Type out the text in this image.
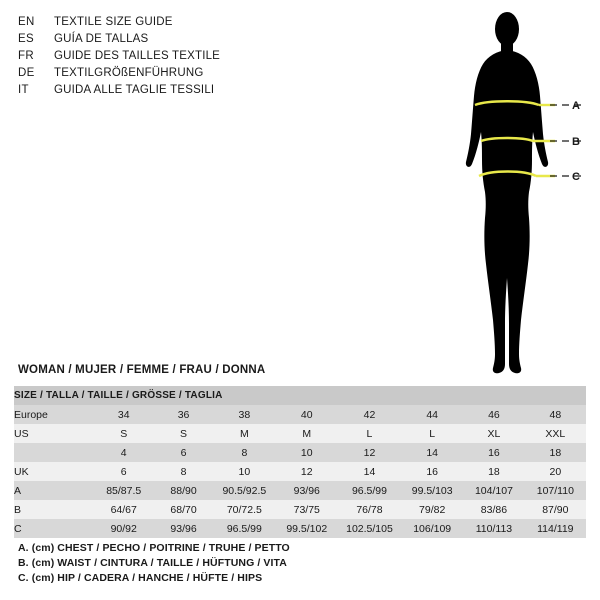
EN	TEXTILE SIZE GUIDE
ES	GUÍA DE TALLAS
FR	GUIDE DES TAILLES TEXTILE
DE	TEXTILGRÖßENFÜHRUNG
IT	GUIDA ALLE TAGLIE TESSILI
A
B
C
WOMAN / MUJER / FEMME / FRAU / DONNA
SIZE / TALLA / TAILLE / GRÖSSE / TAGLIA								
Europe	34	36	38	40	42	44	46	48
US	S	S	M	M	L	L	XL	XXL
	4	6	8	10	12	14	16	18
UK	6	8	10	12	14	16	18	20
A	85/87.5	88/90	90.5/92.5	93/96	96.5/99	99.5/103	104/107	107/110
B	64/67	68/70	70/72.5	73/75	76/78	79/82	83/86	87/90
C	90/92	93/96	96.5/99	99.5/102	102.5/105	106/109	110/113	114/119
A. (cm) CHEST / PECHO / POITRINE / TRUHE / PETTO
B. (cm) WAIST / CINTURA / TAILLE / HÜFTUNG / VITA
C. (cm) HIP / CADERA / HANCHE / HÜFTE / HIPS
